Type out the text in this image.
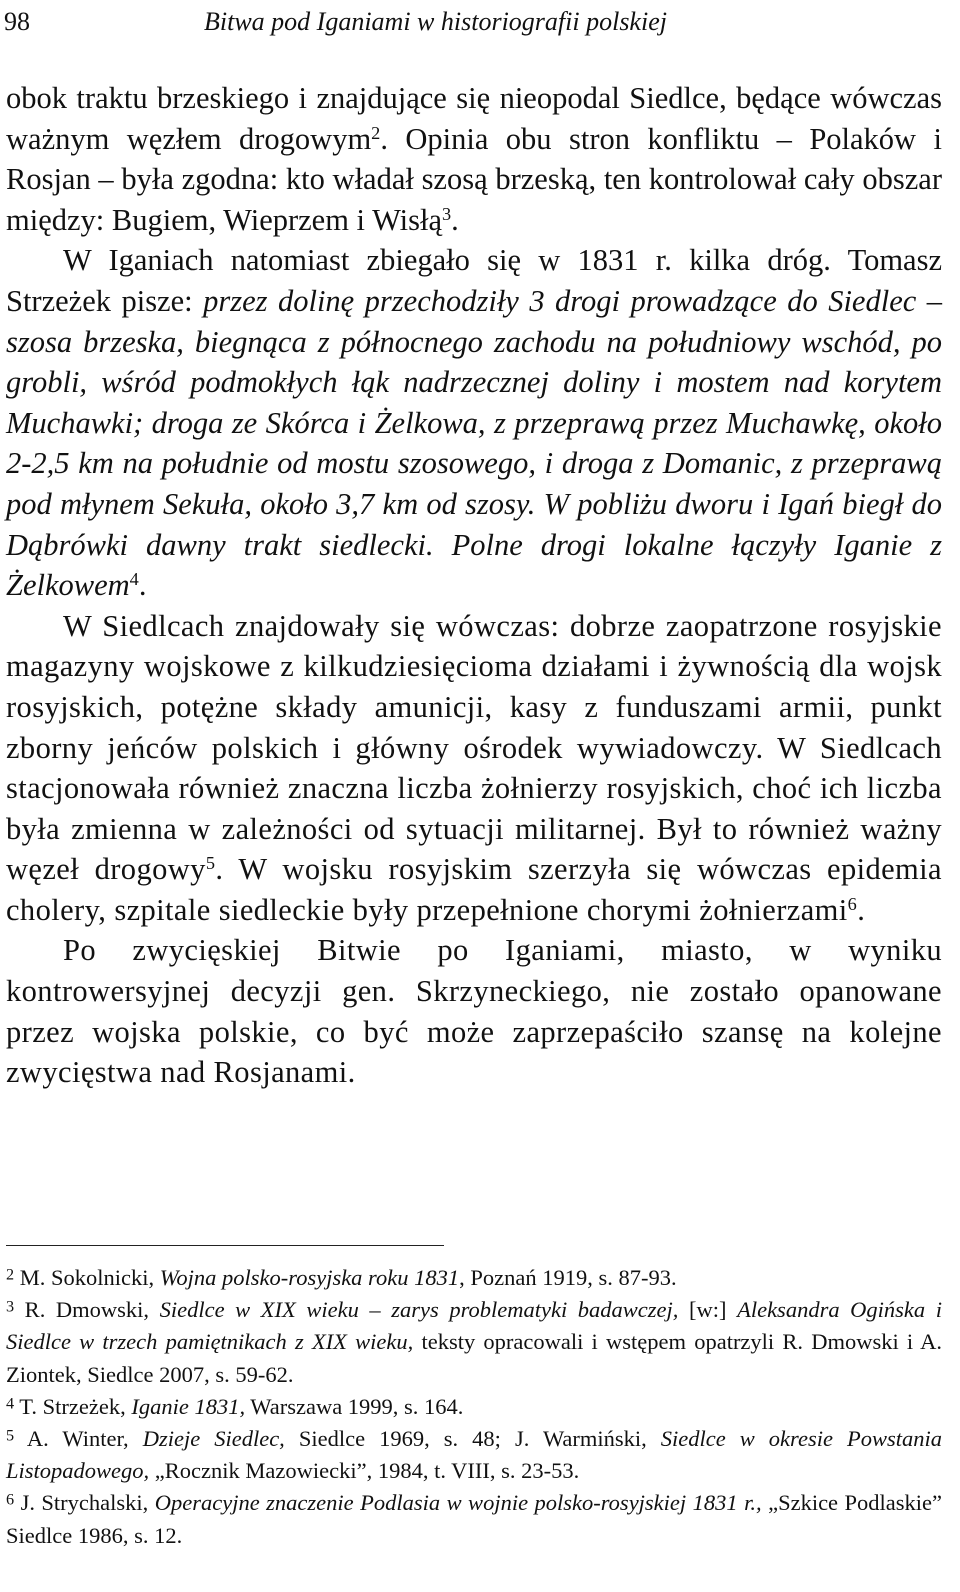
98	Bitwa pod Iganiami w historiografii polskiej

obok traktu brzeskiego i znajdujące się nieopodal Siedlce, będące wówczas ważnym węzłem drogowym$^2$. Opinia obu stron konfliktu – Polaków i Rosjan – była zgodna: kto władał szosą brzeską, ten kontrolował cały obszar między: Bugiem, Wieprzem i Wisłą$^3$.

W Iganiach natomiast zbiegało się w 1831 r. kilka dróg. Tomasz Strzeżek pisze: przez dolinę przechodziły 3 drogi prowadzące do Siedlec – szosa brzeska, biegnąca z północnego zachodu na południowy wschód, po grobli, wśród podmokłych łąk nadrzecznej doliny i mostem nad korytem Muchawki; droga ze Skórca i Żelkowa, z przeprawą przez Muchawkę, około 2-2,5 km na południe od mostu szosowego, i droga z Domanic, z przeprawą pod młynem Sekuła, około 3,7 km od szosy. W pobliżu dworu i Igań biegł do Dąbrówki dawny trakt siedlecki. Polne drogi lokalne łączyły Iganie z Żelkowem$^4$.

W Siedlcach znajdowały się wówczas: dobrze zaopatrzone rosyjskie magazyny wojskowe z kilkudziesięcioma działami i żywnością dla wojsk rosyjskich, potężne składy amunicji, kasy z funduszami armii, punkt zborny jeńców polskich i główny ośrodek wywiadowczy. W Siedlcach stacjonowała również znaczna liczba żołnierzy rosyjskich, choć ich liczba była zmienna w zależności od sytuacji militarnej. Był to również ważny węzeł drogowy$^5$. W wojsku rosyjskim szerzyła się wówczas epidemia cholery, szpitale siedleckie były przepełnione chorymi żołnierzami$^6$.

Po zwycięskiej Bitwie po Iganiami, miasto, w wyniku kontrowersyjnej decyzji gen. Skrzyneckiego, nie zostało opanowane przez wojska polskie, co być może zaprzepaściło szansę na kolejne zwycięstwa nad Rosjanami.

$^2$ M. Sokolnicki, Wojna polsko-rosyjska roku 1831, Poznań 1919, s. 87-93.

$^3$ R. Dmowski, Siedlce w XIX wieku – zarys problematyki badawczej, [w:] Aleksandra Ogińska i Siedlce w trzech pamiętnikach z XIX wieku, teksty opracowali i wstępem opatrzyli R. Dmowski i A. Ziontek, Siedlce 2007, s. 59-62.

$^4$ T. Strzeżek, Iganie 1831, Warszawa 1999, s. 164.

$^5$ A. Winter, Dzieje Siedlec, Siedlce 1969, s. 48; J. Warmiński, Siedlce w okresie Powstania Listopadowego, „Rocznik Mazowiecki”, 1984, t. VIII, s. 23-53.

$^6$ J. Strychalski, Operacyjne znaczenie Podlasia w wojnie polsko-rosyjskiej 1831 r., „Szkice Podlaskie” Siedlce 1986, s. 12.
